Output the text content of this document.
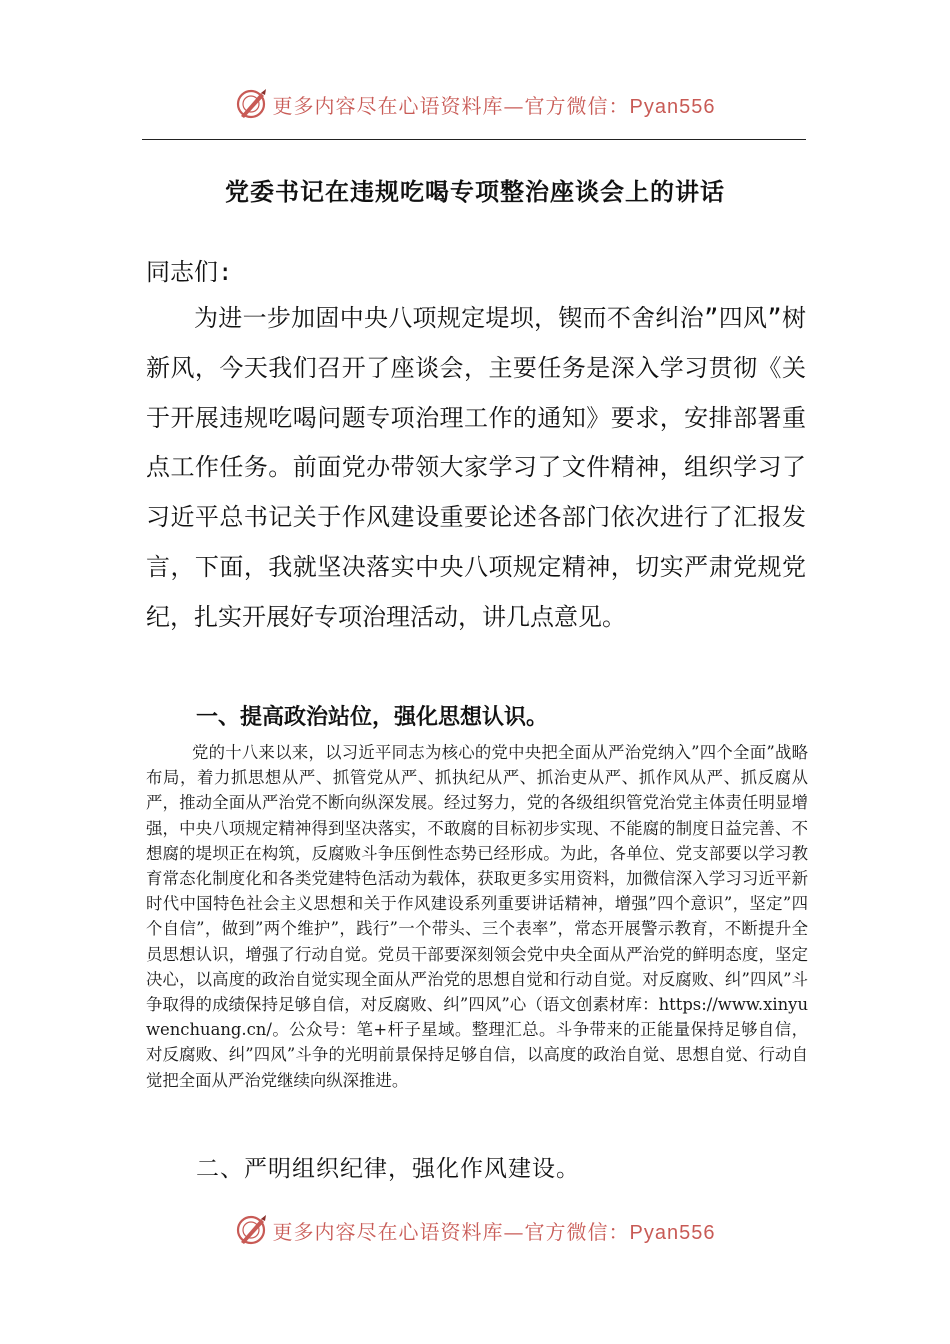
更多内容尽在心语资料库—官方微信：Pyan556
党委书记在违规吃喝专项整治座谈会上的讲话
同志们:

为进一步加固中央八项规定堤坝，锲而不舍纠治”四风”树新风，今天我们召开了座谈会，主要任务是深入学习贯彻《关于开展违规吃喝问题专项治理工作的通知》要求，安排部署重点工作任务。前面党办带领大家学习了文件精神，组织学习了习近平总书记关于作风建设重要论述各部门依次进行了汇报发言，下面，我就坚决落实中央八项规定精神，切实严肃党规党纪，扎实开展好专项治理活动，讲几点意见。

一、提高政治站位，强化思想认识。

党的十八来以来，以习近平同志为核心的党中央把全面从严治党纳入”四个全面”战略布局，着力抓思想从严、抓管党从严、抓执纪从严、抓治吏从严、抓作风从严、抓反腐从严，推动全面从严治党不断向纵深发展。经过努力，党的各级组织管党治党主体责任明显增强，中央八项规定精神得到坚决落实，不敢腐的目标初步实现、不能腐的制度日益完善、不想腐的堤坝正在构筑，反腐败斗争压倒性态势已经形成。为此，各单位、党支部要以学习教育常态化制度化和各类党建特色活动为载体，获取更多实用资料，加微信深入学习习近平新时代中国特色社会主义思想和关于作风建设系列重要讲话精神，增强”四个意识”，坚定”四个自信”，做到”两个维护”，践行”一个带头、三个表率”，常态开展警示教育，不断提升全员思想认识，增强了行动自觉。党员干部要深刻领会党中央全面从严治党的鲜明态度，坚定决心，以高度的政治自觉实现全面从严治党的思想自觉和行动自觉。对反腐败、纠”四风”斗争取得的成绩保持足够自信，对反腐败、纠”四风”心（语文创素材库：https://www.xinyuwenchuang.cn/。公众号：笔+杆子星域。整理汇总。斗争带来的正能量保持足够自信，对反腐败、纠”四风”斗争的光明前景保持足够自信，以高度的政治自觉、思想自觉、行动自觉把全面从严治党继续向纵深推进。

二、严明组织纪律，强化作风建设。
更多内容尽在心语资料库—官方微信：Pyan556
